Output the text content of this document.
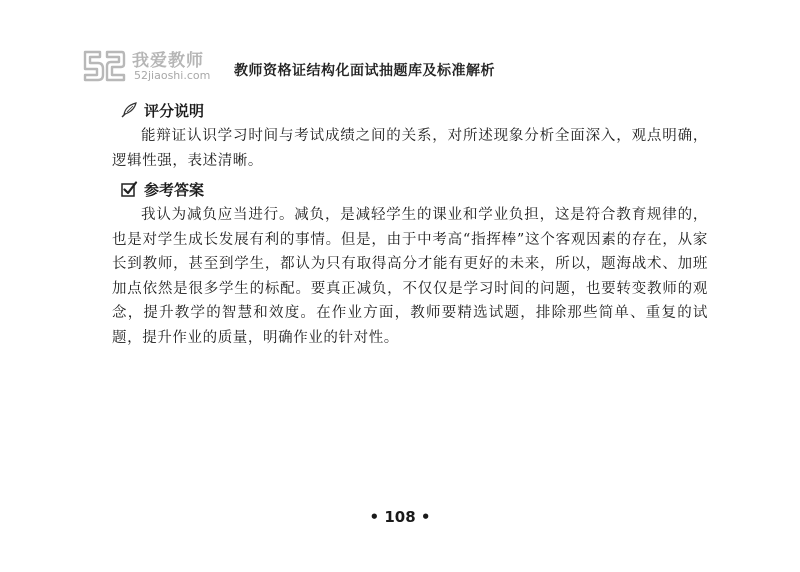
我爱教师
52jiaoshi.com 教师资格证结构化面试抽题库及标准解析
评分说明

能辩证认识学习时间与考试成绩之间的关系，对所述现象分析全面深入，观点明确，逻辑性强，表述清晰。

参考答案

我认为减负应当进行。减负，是减轻学生的课业和学业负担，这是符合教育规律的，也是对学生成长发展有利的事情。但是，由于中考高“指挥棒”这个客观因素的存在，从家长到教师，甚至到学生，都认为只有取得高分才能有更好的未来，所以，题海战术、加班加点依然是很多学生的标配。要真正减负，不仅仅是学习时间的问题，也要转变教师的观念，提升教学的智慧和效度。在作业方面，教师要精选试题，排除那些简单、重复的试题，提升作业的质量，明确作业的针对性。

• 108 •
